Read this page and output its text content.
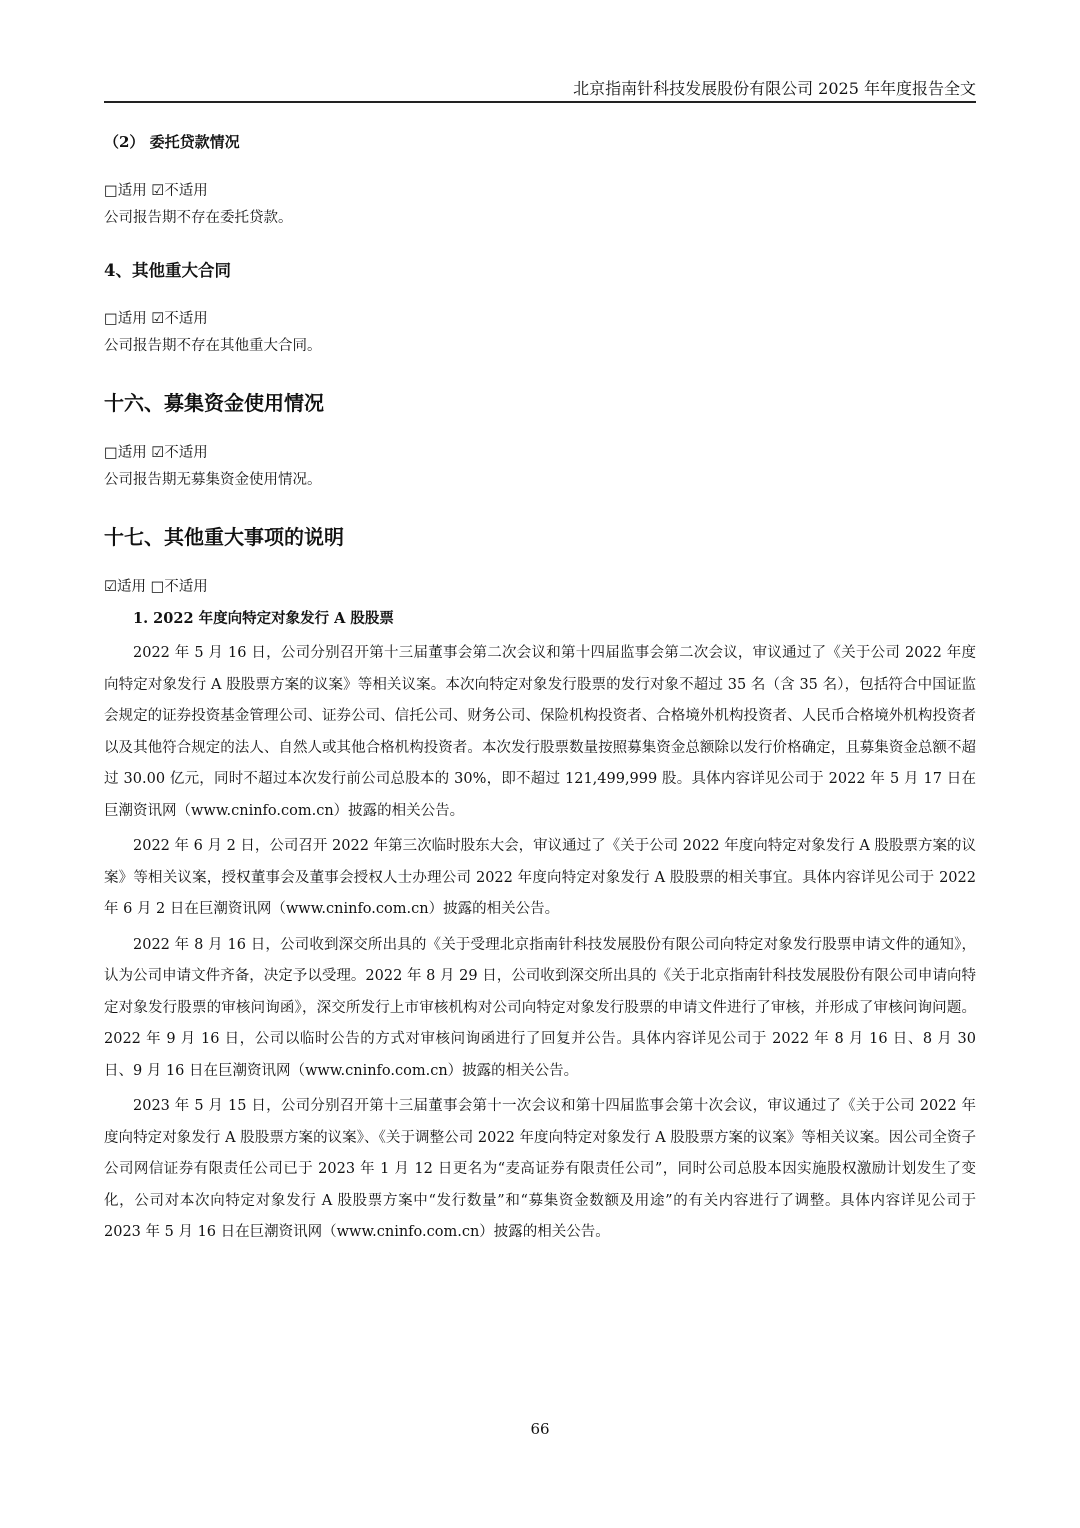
北京指南针科技发展股份有限公司 2025 年年度报告全文

（2） 委托贷款情况

□适用 ☑不适用

公司报告期不存在委托贷款。

4、其他重大合同

□适用 ☑不适用

公司报告期不存在其他重大合同。

十六、募集资金使用情况

□适用 ☑不适用

公司报告期无募集资金使用情况。

十七、其他重大事项的说明

☑适用 □不适用

1. 2022 年度向特定对象发行 A 股股票

2022 年 5 月 16 日，公司分别召开第十三届董事会第二次会议和第十四届监事会第二次会议，审议通过了《关于公司 2022 年度向特定对象发行 A 股股票方案的议案》等相关议案。本次向特定对象发行股票的发行对象不超过 35 名（含 35 名），包括符合中国证监会规定的证券投资基金管理公司、证券公司、信托公司、财务公司、保险机构投资者、合格境外机构投资者、人民币合格境外机构投资者以及其他符合规定的法人、自然人或其他合格机构投资者。本次发行股票数量按照募集资金总额除以发行价格确定，且募集资金总额不超过 30.00 亿元，同时不超过本次发行前公司总股本的 30%，即不超过 121,499,999 股。具体内容详见公司于 2022 年 5 月 17 日在巨潮资讯网（www.cninfo.com.cn）披露的相关公告。

2022 年 6 月 2 日，公司召开 2022 年第三次临时股东大会，审议通过了《关于公司 2022 年度向特定对象发行 A 股股票方案的议案》等相关议案，授权董事会及董事会授权人士办理公司 2022 年度向特定对象发行 A 股股票的相关事宜。具体内容详见公司于 2022 年 6 月 2 日在巨潮资讯网（www.cninfo.com.cn）披露的相关公告。

2022 年 8 月 16 日，公司收到深交所出具的《关于受理北京指南针科技发展股份有限公司向特定对象发行股票申请文件的通知》，认为公司申请文件齐备，决定予以受理。2022 年 8 月 29 日，公司收到深交所出具的《关于北京指南针科技发展股份有限公司申请向特定对象发行股票的审核问询函》，深交所发行上市审核机构对公司向特定对象发行股票的申请文件进行了审核，并形成了审核问询问题。2022 年 9 月 16 日，公司以临时公告的方式对审核问询函进行了回复并公告。具体内容详见公司于 2022 年 8 月 16 日、8 月 30 日、9 月 16 日在巨潮资讯网（www.cninfo.com.cn）披露的相关公告。

2023 年 5 月 15 日，公司分别召开第十三届董事会第十一次会议和第十四届监事会第十次会议，审议通过了《关于公司 2022 年度向特定对象发行 A 股股票方案的议案》、《关于调整公司 2022 年度向特定对象发行 A 股股票方案的议案》等相关议案。因公司全资子公司网信证券有限责任公司已于 2023 年 1 月 12 日更名为“麦高证券有限责任公司”，同时公司总股本因实施股权激励计划发生了变化，公司对本次向特定对象发行 A 股股票方案中“发行数量”和“募集资金数额及用途”的有关内容进行了调整。具体内容详见公司于 2023 年 5 月 16 日在巨潮资讯网（www.cninfo.com.cn）披露的相关公告。

66
